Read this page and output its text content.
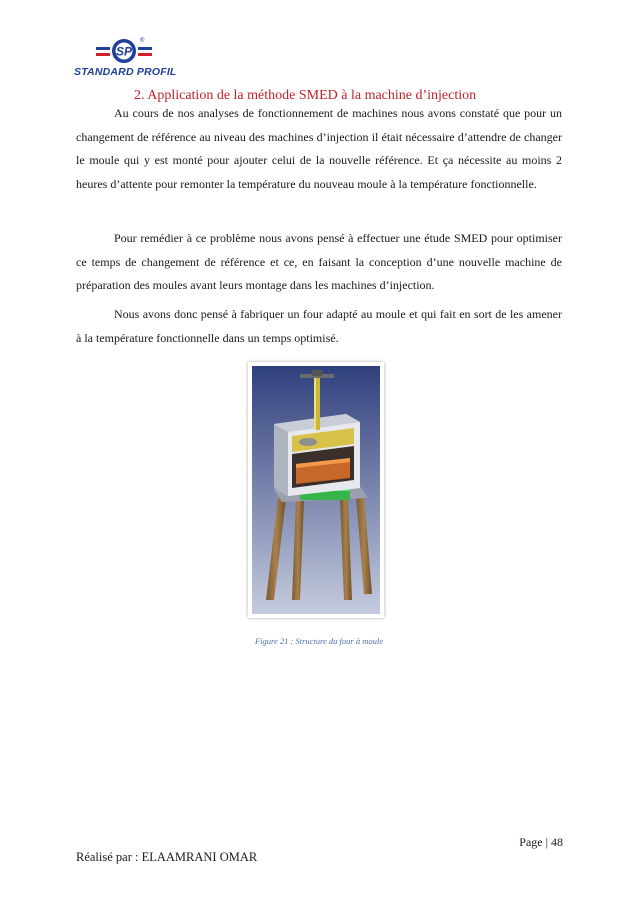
SP
®
STANDARD PROFIL
2. Application de la méthode SMED à la machine d’injection

Au cours de nos analyses de fonctionnement de machines nous avons constaté que pour un changement de référence au niveau des machines d’injection il était nécessaire d’attendre de changer le moule qui y est monté pour ajouter celui de la nouvelle référence. Et ça nécessite au moins 2 heures d’attente pour remonter la température du nouveau moule à la température fonctionnelle.

Pour remédier à ce problème nous avons pensé à effectuer une étude SMED pour optimiser ce temps de changement de référence et ce, en faisant la conception d’une nouvelle machine de préparation des moules avant leurs montage dans les machines d’injection.

Nous avons donc pensé à fabriquer un four adapté au moule et qui fait en sort de les amener à la température fonctionnelle dans un temps optimisé.

Figure 21 : Structure du four à moule
Page | 48
Réalisé par : ELAAMRANI OMAR
